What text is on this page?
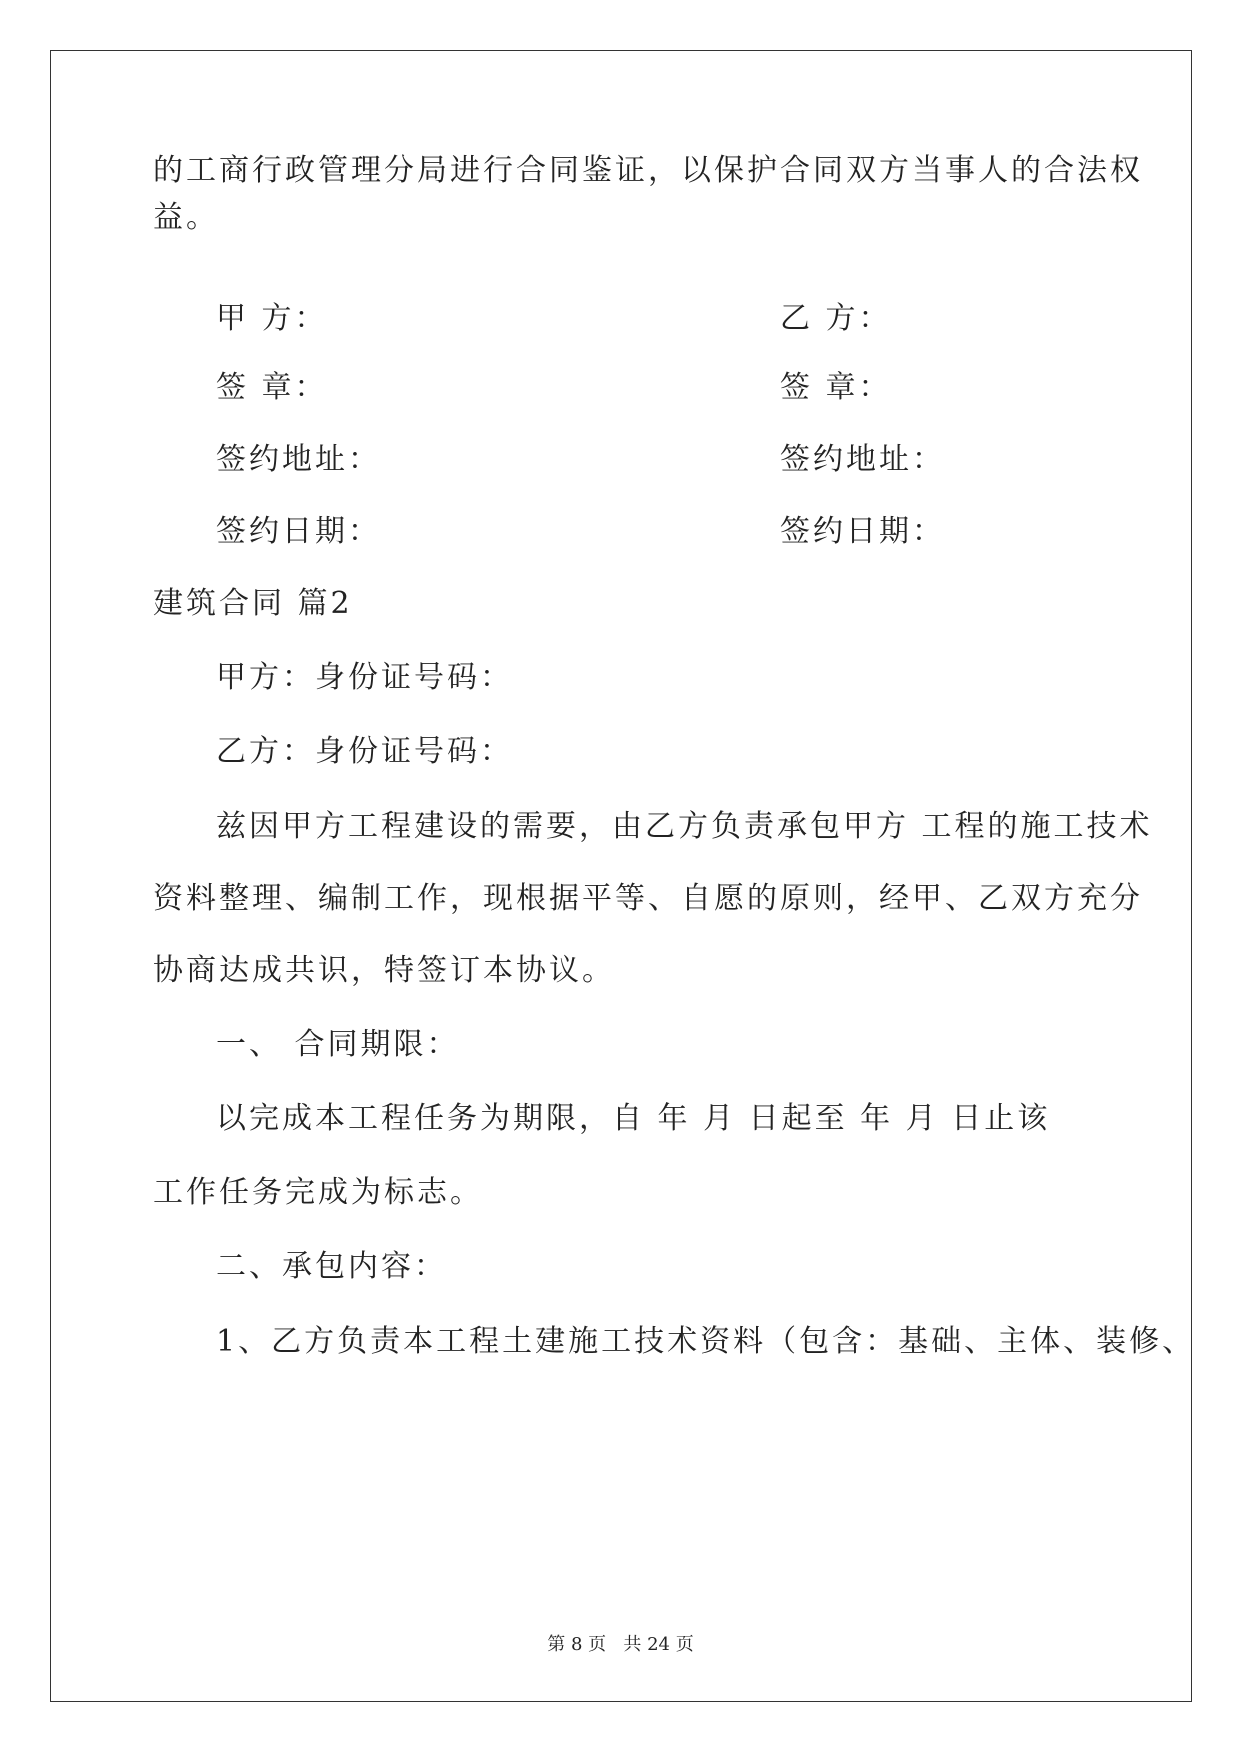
的工商行政管理分局进行合同鉴证，以保护合同双方当事人的合法权
益。
甲 方：	乙 方：
签 章：	签 章：
签约地址：	签约地址：
签约日期：	签约日期：
建筑合同 篇2
甲方：身份证号码：
乙方：身份证号码：
兹因甲方工程建设的需要，由乙方负责承包甲方 工程的施工技术
资料整理、编制工作，现根据平等、自愿的原则，经甲、乙双方充分
协商达成共识，特签订本协议。
一、 合同期限：
以完成本工程任务为期限，自 年 月 日起至 年 月 日止该
工作任务完成为标志。
二、承包内容：
1、乙方负责本工程土建施工技术资料（包含：基础、主体、装修、
第 8 页   共 24 页
